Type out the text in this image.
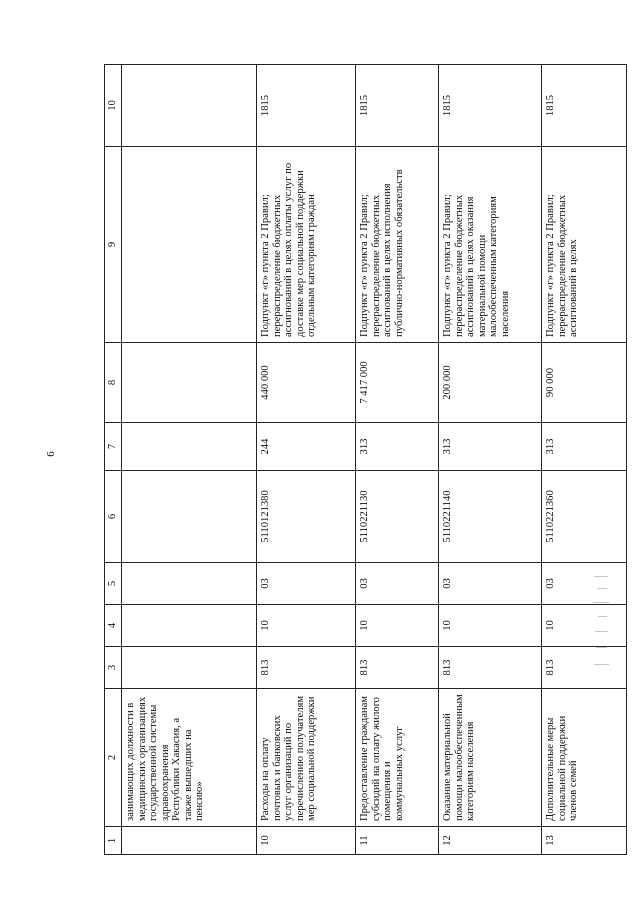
6
1	2	3	4	5	6	7	8	9	10
	занимающих должности в медицинских организациях государственной системы здравоохранения Республики Хакасия, а также вышедших на пенсию»								
10	Расходы на оплату почтовых и банковских услуг организаций по перечислению получателям мер социальной поддержки	813	10	03	5110121380	244	440 000	Подпункт «г» пункта 2 Правил; перераспределение бюджетных ассигнований в целях оплаты услуг по доставке мер социальной поддержки отдельным категориям граждан	1815
11	Предоставление гражданам субсидий на оплату жилого помещения и коммунальных услуг	813	10	03	5110221130	313	7 417 000	Подпункт «г» пункта 2 Правил; перераспределение бюджетных ассигнований в целях исполнения публично-нормативных обязательств	1815
12	Оказание материальной помощи малообеспеченным категориям населения	813	10	03	5110221140	313	200 000	Подпункт «г» пункта 2 Правил; перераспределение бюджетных ассигнований в целях оказания материальной помощи малообеспеченным категориям населения	1815
13	Дополнительные меры социальной поддержки членов семей	813	10	03	5110221360	313	90 000	Подпункт «г» пункта 2 Правил; перераспределение бюджетных ассигнований в целях	1815
